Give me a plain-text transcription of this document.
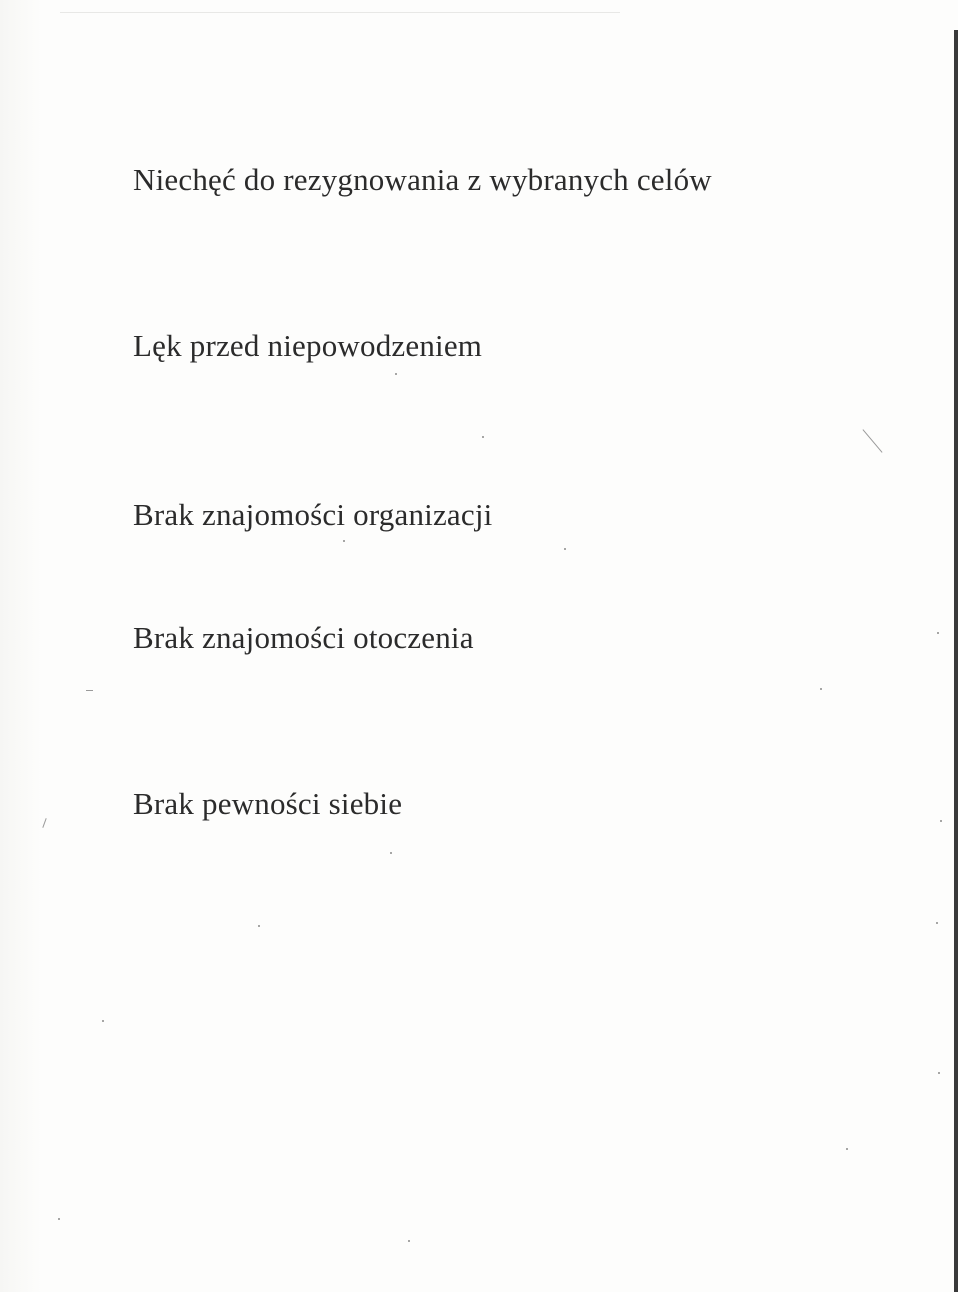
Niechęć do rezygnowania z wybranych celów
Lęk przed niepowodzeniem
Brak znajomości organizacji
Brak znajomości otoczenia
Brak pewności siebie
